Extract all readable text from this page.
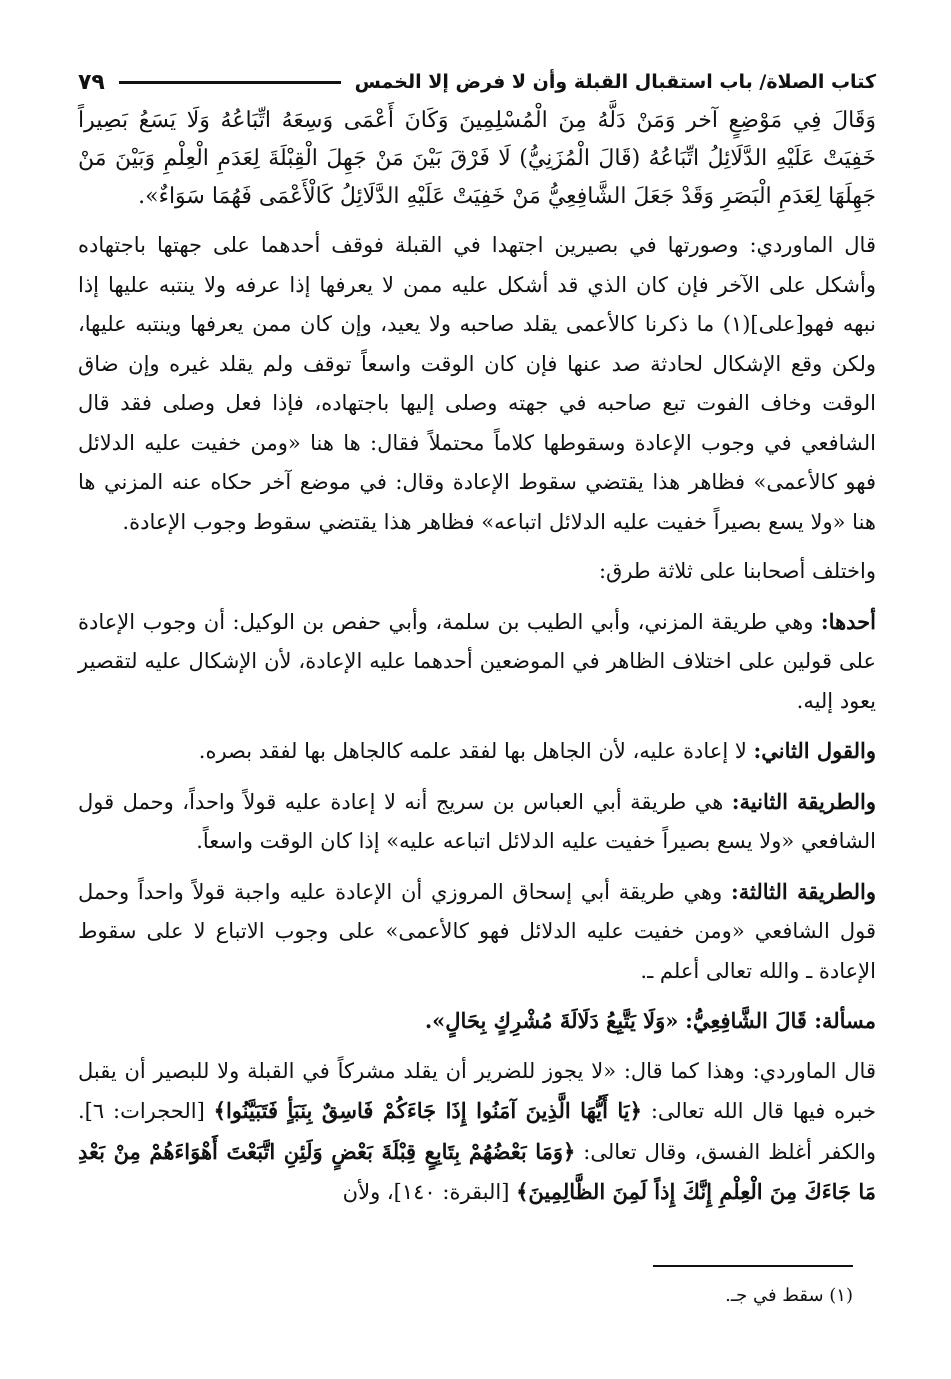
كتاب الصلاة/ باب استقبال القبلة وأن لا فرض إلا الخمس
٧٩

وَقَالَ فِي مَوْضِعٍ آخر وَمَنْ دَلَّهُ مِنَ الْمُسْلِمِينَ وَكَانَ أَعْمَى وَسِعَهُ اتِّبَاعُهُ وَلَا يَسَعُ بَصِيراً خَفِيَتْ عَلَيْهِ الدَّلَائِلُ اتِّبَاعُهُ (قَالَ الْمُزَنِيُّ) لَا فَرْقَ بَيْنَ مَنْ جَهِلَ الْقِبْلَةَ لِعَدَمِ الْعِلْمِ وَبَيْنَ مَنْ جَهِلَهَا لِعَدَمِ الْبَصَرِ وَقَدْ جَعَلَ الشَّافِعِيُّ مَنْ خَفِيَتْ عَلَيْهِ الدَّلَائِلُ كَالْأَعْمَى فَهُمَا سَوَاءٌ».

قال الماوردي: وصورتها في بصيرين اجتهدا في القبلة فوقف أحدهما على جهتها باجتهاده وأشكل على الآخر فإن كان الذي قد أشكل عليه ممن لا يعرفها إذا عرفه ولا ينتبه عليها إذا نبهه فهو[على](١) ما ذكرنا كالأعمى يقلد صاحبه ولا يعيد، وإن كان ممن يعرفها وينتبه عليها، ولكن وقع الإشكال لحادثة صد عنها فإن كان الوقت واسعاً توقف ولم يقلد غيره وإن ضاق الوقت وخاف الفوت تبع صاحبه في جهته وصلى إليها باجتهاده، فإذا فعل وصلى فقد قال الشافعي في وجوب الإعادة وسقوطها كلاماً محتملاً فقال: ها هنا «ومن خفيت عليه الدلائل فهو كالأعمى» فظاهر هذا يقتضي سقوط الإعادة وقال: في موضع آخر حكاه عنه المزني ها هنا «ولا يسع بصيراً خفيت عليه الدلائل اتباعه» فظاهر هذا يقتضي سقوط وجوب الإعادة.

واختلف أصحابنا على ثلاثة طرق:

أحدها: وهي طريقة المزني، وأبي الطيب بن سلمة، وأبي حفص بن الوكيل: أن وجوب الإعادة على قولين على اختلاف الظاهر في الموضعين أحدهما عليه الإعادة، لأن الإشكال عليه لتقصير يعود إليه.

والقول الثاني: لا إعادة عليه، لأن الجاهل بها لفقد علمه كالجاهل بها لفقد بصره.

والطريقة الثانية: هي طريقة أبي العباس بن سريج أنه لا إعادة عليه قولاً واحداً، وحمل قول الشافعي «ولا يسع بصيراً خفيت عليه الدلائل اتباعه عليه» إذا كان الوقت واسعاً.

والطريقة الثالثة: وهي طريقة أبي إسحاق المروزي أن الإعادة عليه واجبة قولاً واحداً وحمل قول الشافعي «ومن خفيت عليه الدلائل فهو كالأعمى» على وجوب الاتباع لا على سقوط الإعادة ـ والله تعالى أعلم ـ.

مسألة: قَالَ الشَّافِعِيُّ: «وَلَا يَتَّبِعُ دَلَالَةَ مُشْرِكٍ بِحَالٍ».

قال الماوردي: وهذا كما قال: «لا يجوز للضرير أن يقلد مشركاً في القبلة ولا للبصير أن يقبل خبره فيها قال الله تعالى: ﴿يَا أَيُّهَا الَّذِينَ آمَنُوا إِذَا جَاءَكُمْ فَاسِقٌ بِنَبَأٍ فَتَبَيَّنُوا﴾ [الحجرات: ٦]. والكفر أغلظ الفسق، وقال تعالى: ﴿وَمَا بَعْضُهُمْ بِتَابِعٍ قِبْلَةَ بَعْضٍ وَلَئِنِ اتَّبَعْتَ أَهْوَاءَهُمْ مِنْ بَعْدِ مَا جَاءَكَ مِنَ الْعِلْمِ إِنَّكَ إِذاً لَمِنَ الظَّالِمِينَ﴾ [البقرة: ١٤٠]، ولأن

(١) سقط في جـ.
